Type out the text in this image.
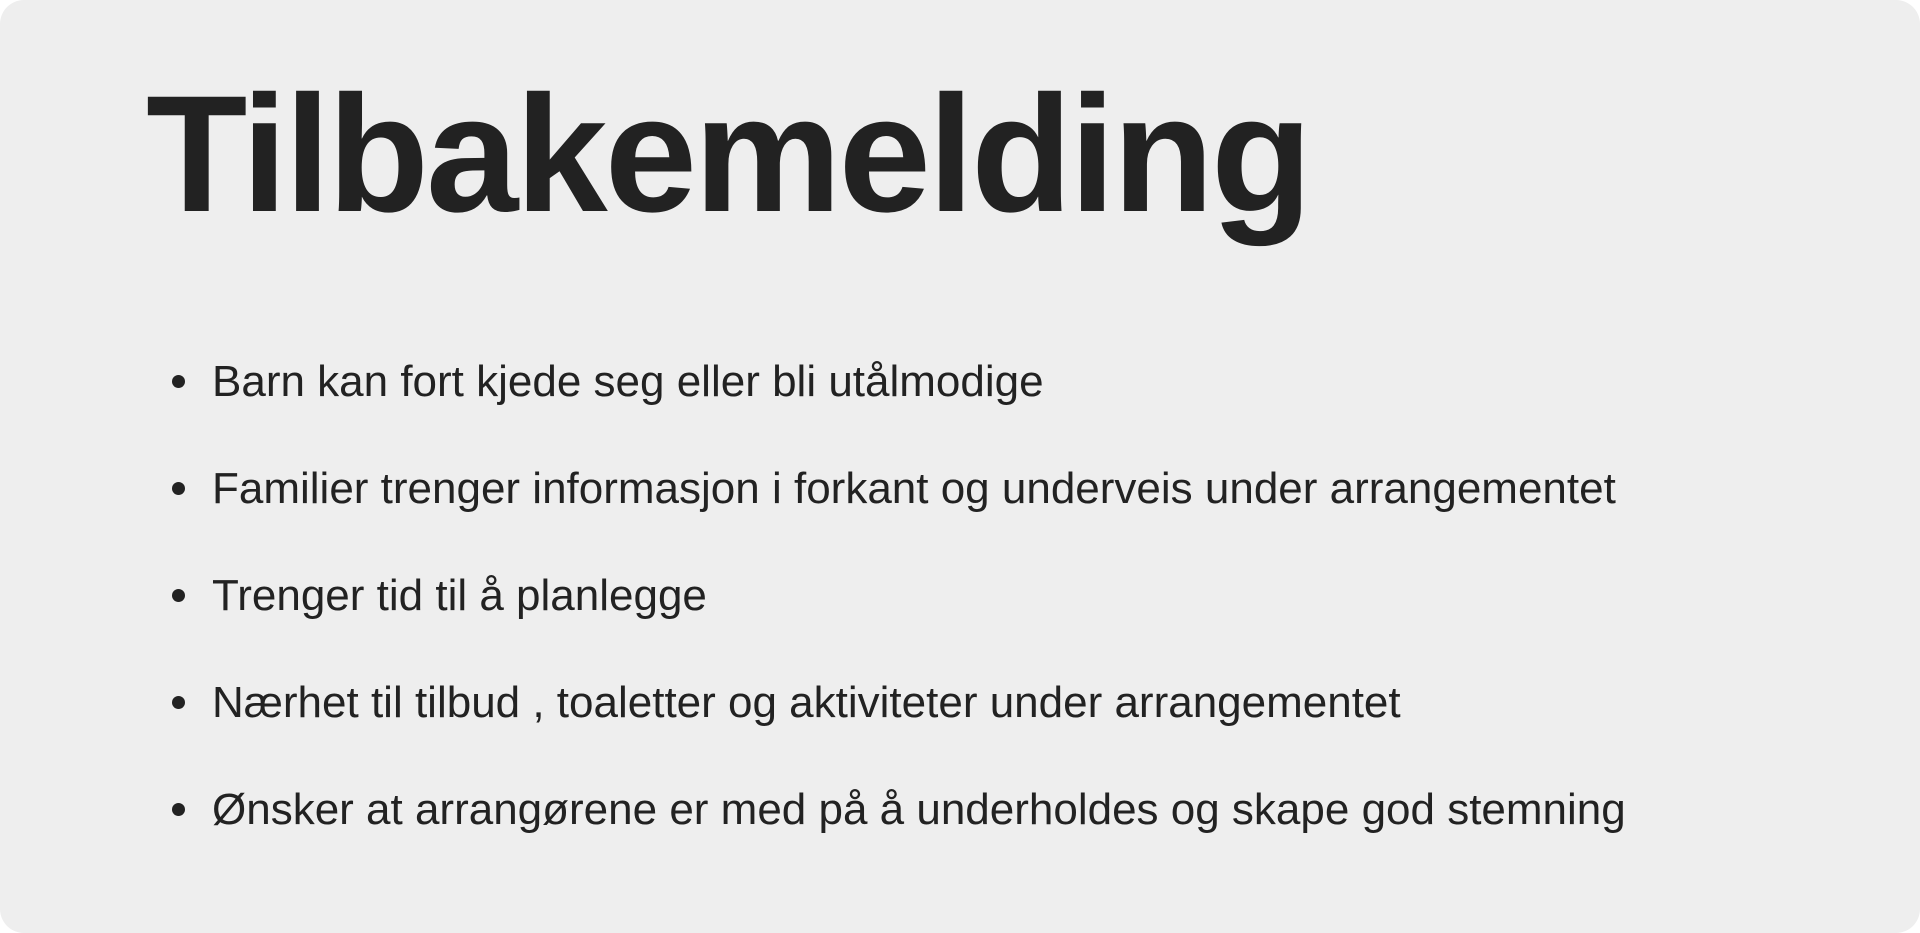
Tilbakemelding
Barn kan fort kjede seg eller bli utålmodige
Familier trenger informasjon i forkant og underveis under arrangementet
Trenger tid til å planlegge
Nærhet til tilbud , toaletter og aktiviteter under arrangementet
Ønsker at arrangørene er med på å underholdes og skape god stemning
